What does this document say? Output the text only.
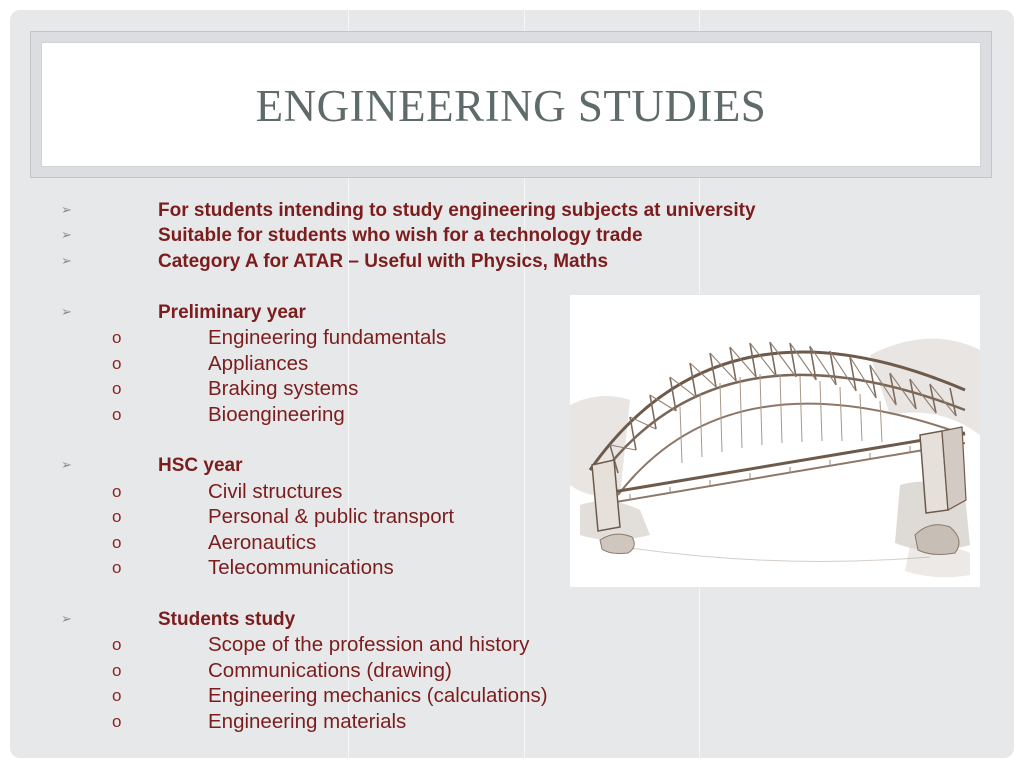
ENGINEERING STUDIES
➢	For students intending to study engineering subjects at university
➢	Suitable for students who wish for a technology trade
➢	Category A for ATAR – Useful with Physics, Maths
➢	Preliminary year
o	Engineering fundamentals
o	Appliances
o	Braking systems
o	Bioengineering
➢	HSC year
o	Civil structures
o	Personal & public transport
o	Aeronautics
o	Telecommunications
➢	Students study
o	Scope of the profession and history
o	Communications (drawing)
o	Engineering mechanics (calculations)
o	Engineering materials
